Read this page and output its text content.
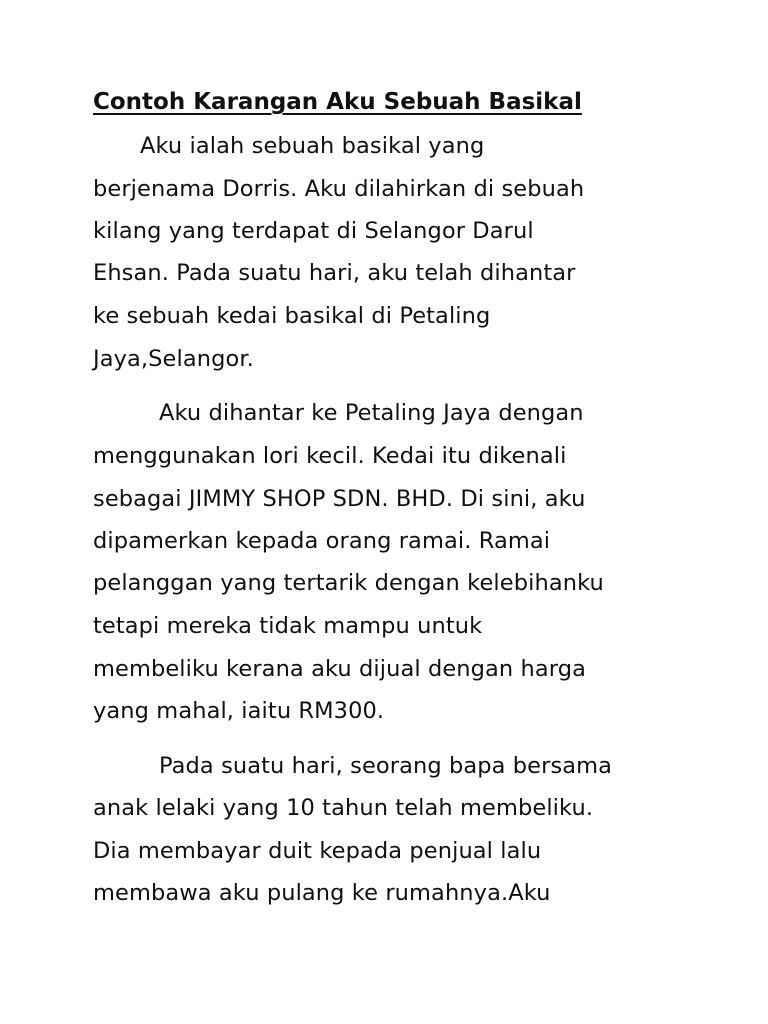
Contoh Karangan Aku Sebuah Basikal

Aku ialah sebuah basikal yang

berjenama Dorris. Aku dilahirkan di sebuah

kilang yang terdapat di Selangor Darul

Ehsan. Pada suatu hari, aku telah dihantar

ke sebuah kedai basikal di Petaling

Jaya,Selangor.

Aku dihantar ke Petaling Jaya dengan

menggunakan lori kecil. Kedai itu dikenali

sebagai JIMMY SHOP SDN. BHD. Di sini, aku

dipamerkan kepada orang ramai. Ramai

pelanggan yang tertarik dengan kelebihanku

tetapi mereka tidak mampu untuk

membeliku kerana aku dijual dengan harga

yang mahal, iaitu RM300.

Pada suatu hari, seorang bapa bersama

anak lelaki yang 10 tahun telah membeliku.

Dia membayar duit kepada penjual lalu

membawa aku pulang ke rumahnya.Aku
